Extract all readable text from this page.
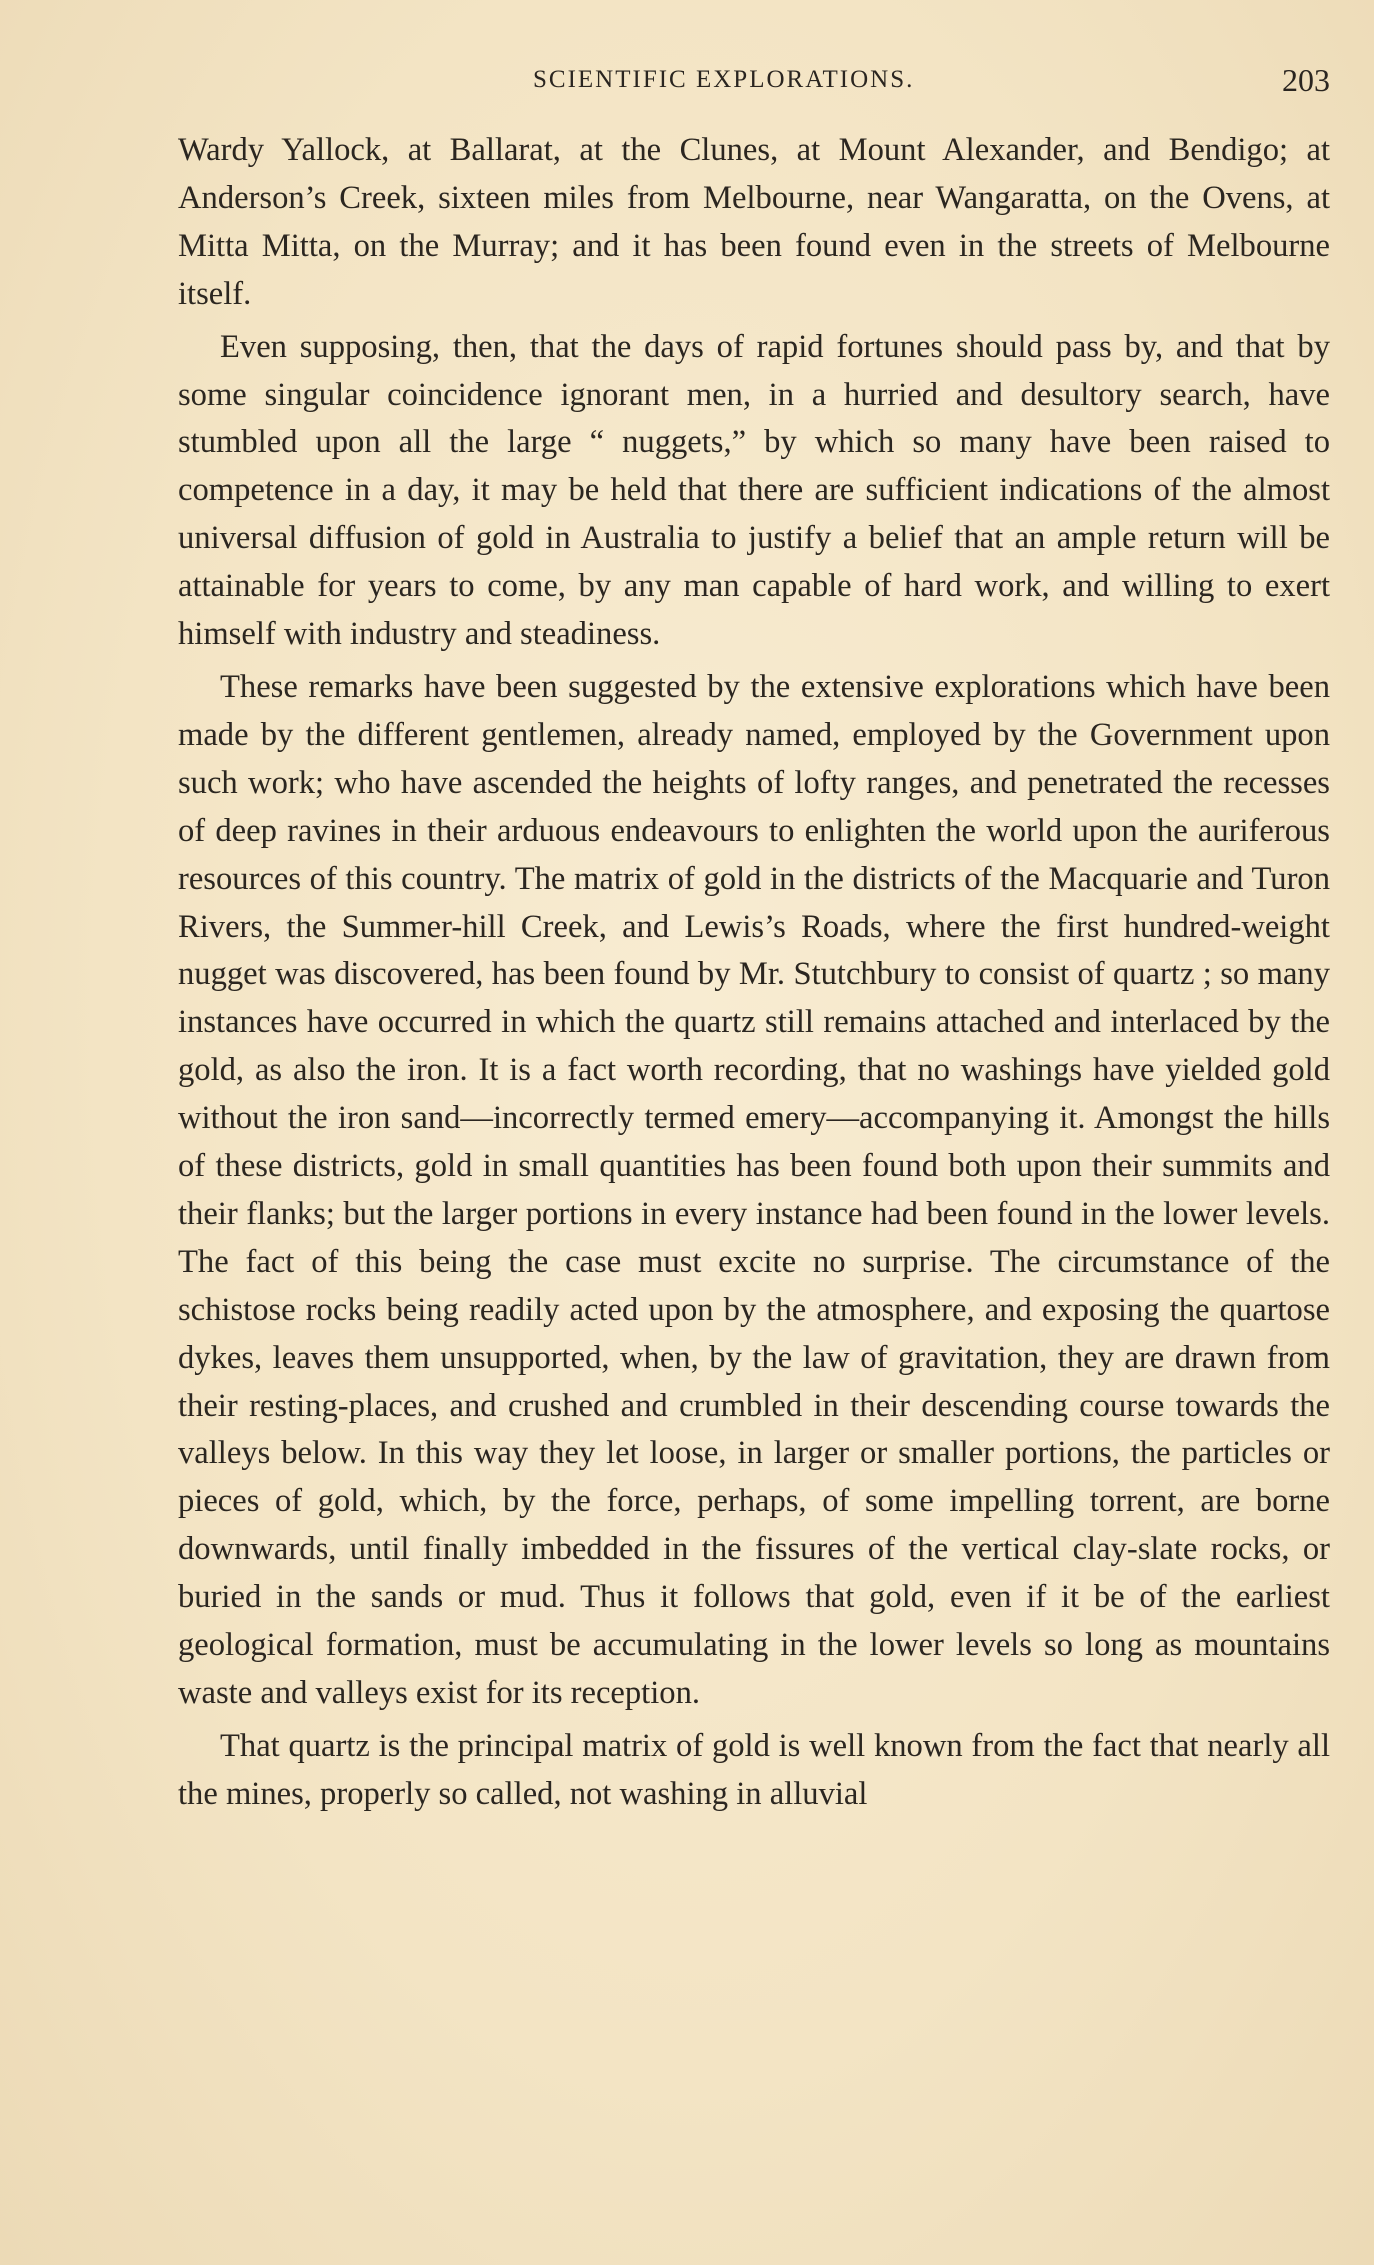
SCIENTIFIC EXPLORATIONS.	203

Wardy Yallock, at Ballarat, at the Clunes, at Mount Alexander, and Bendigo; at Anderson’s Creek, sixteen miles from Melbourne, near Wangaratta, on the Ovens, at Mitta Mitta, on the Murray; and it has been found even in the streets of Melbourne itself.

Even supposing, then, that the days of rapid fortunes should pass by, and that by some singular coincidence ignorant men, in a hurried and desultory search, have stumbled upon all the large “ nuggets,” by which so many have been raised to competence in a day, it may be held that there are sufficient indications of the almost universal diffusion of gold in Australia to justify a belief that an ample return will be attainable for years to come, by any man capable of hard work, and willing to exert himself with industry and steadiness.

These remarks have been suggested by the extensive explorations which have been made by the different gentlemen, already named, employed by the Government upon such work; who have ascended the heights of lofty ranges, and penetrated the recesses of deep ravines in their arduous endeavours to enlighten the world upon the auriferous resources of this country. The matrix of gold in the districts of the Macquarie and Turon Rivers, the Summer-hill Creek, and Lewis’s Roads, where the first hundred-weight nugget was discovered, has been found by Mr. Stutchbury to consist of quartz ; so many instances have occurred in which the quartz still remains attached and interlaced by the gold, as also the iron. It is a fact worth recording, that no washings have yielded gold without the iron sand—incorrectly termed emery—accompanying it. Amongst the hills of these districts, gold in small quantities has been found both upon their summits and their flanks; but the larger portions in every instance had been found in the lower levels. The fact of this being the case must excite no surprise. The circumstance of the schistose rocks being readily acted upon by the atmosphere, and exposing the quartose dykes, leaves them unsupported, when, by the law of gravitation, they are drawn from their resting-places, and crushed and crumbled in their descending course towards the valleys below. In this way they let loose, in larger or smaller portions, the particles or pieces of gold, which, by the force, perhaps, of some impelling torrent, are borne downwards, until finally imbedded in the fissures of the vertical clay-slate rocks, or buried in the sands or mud. Thus it follows that gold, even if it be of the earliest geological formation, must be accumulating in the lower levels so long as mountains waste and valleys exist for its reception.

That quartz is the principal matrix of gold is well known from the fact that nearly all the mines, properly so called, not washing in alluvial
